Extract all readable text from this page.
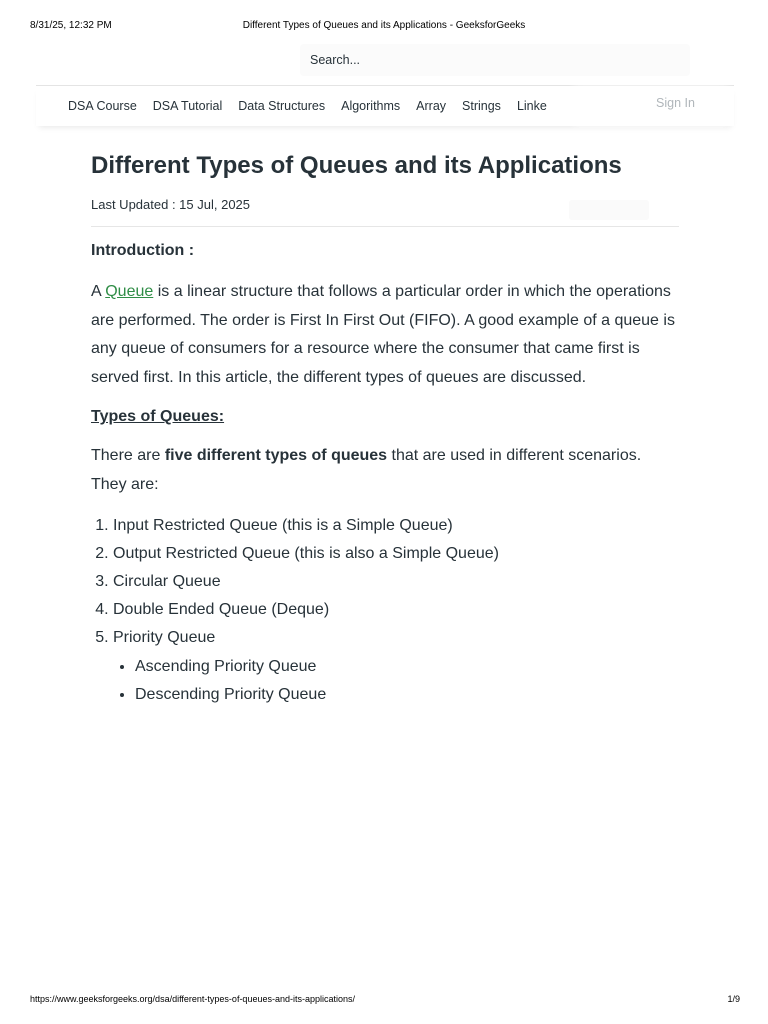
8/31/25, 12:32 PM	Different Types of Queues and its Applications - GeeksforGeeks
Search...
DSA Course DSA Tutorial Data Structures Algorithms Array Strings Linke	Sign In
Different Types of Queues and its Applications
Last Updated : 15 Jul, 2025
Introduction :

A Queue is a linear structure that follows a particular order in which the operations are performed. The order is First In First Out (FIFO). A good example of a queue is any queue of consumers for a resource where the consumer that came first is served first. In this article, the different types of queues are discussed.

Types of Queues:

There are five different types of queues that are used in different scenarios. They are:

1. Input Restricted Queue (this is a Simple Queue)
2. Output Restricted Queue (this is also a Simple Queue)
3. Circular Queue
4. Double Ended Queue (Deque)
5. Priority Queue
• Ascending Priority Queue
• Descending Priority Queue
https://www.geeksforgeeks.org/dsa/different-types-of-queues-and-its-applications/	1/9
